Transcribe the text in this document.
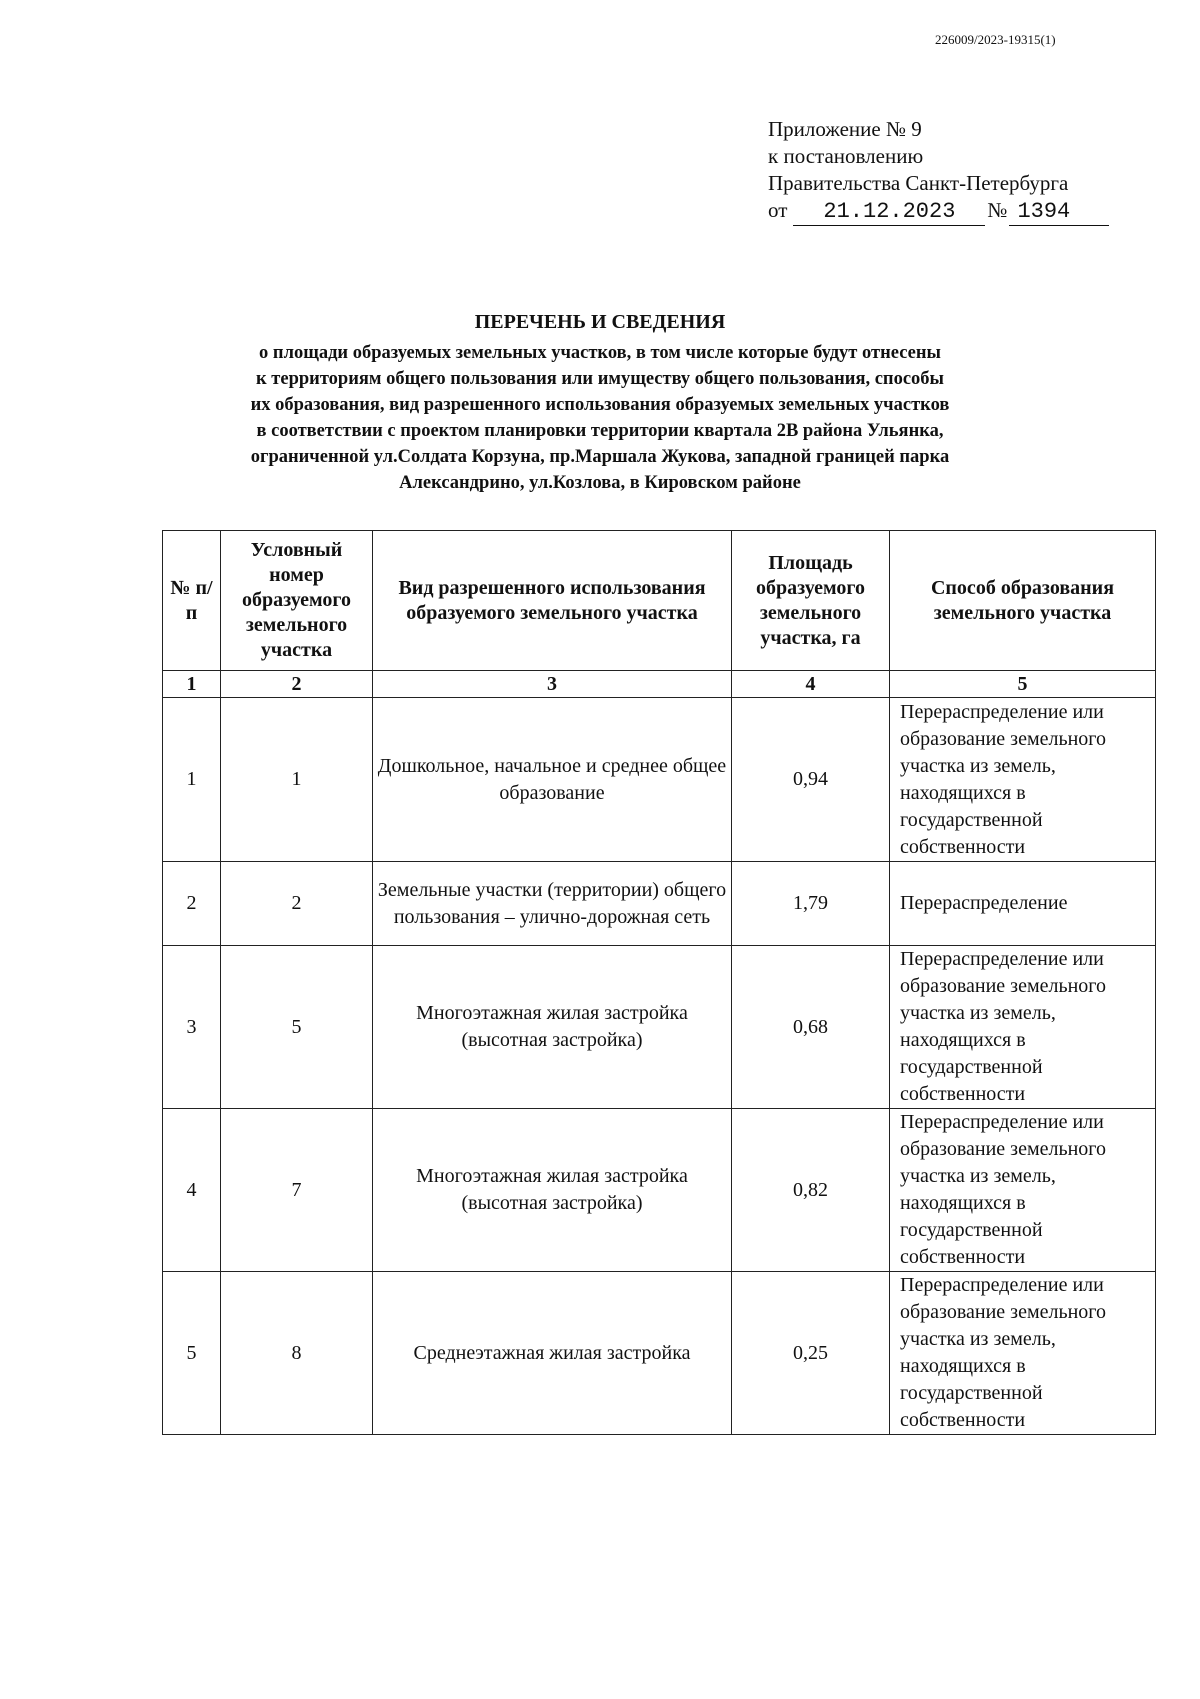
226009/2023-19315(1)
Приложение № 9
к постановлению
Правительства Санкт-Петербурга
от 21.12.2023 № 1394
ПЕРЕЧЕНЬ И СВЕДЕНИЯ
о площади образуемых земельных участков, в том числе которые будут отнесены
к территориям общего пользования или имуществу общего пользования, способы
их образования, вид разрешенного использования образуемых земельных участков
в соответствии с проектом планировки территории квартала 2В района Ульянка,
ограниченной ул.Солдата Корзуна, пр.Маршала Жукова, западной границей парка
Александрино, ул.Козлова, в Кировском районе
№ п/п	Условный номер образуемого земельного участка	Вид разрешенного использования образуемого земельного участка	Площадь образуемого земельного участка, га	Способ образования земельного участка
1	2	3	4	5
1	1	Дошкольное, начальное и среднее общее образование	0,94	Перераспределение или образование земельного участка из земель, находящихся в государственной собственности
2	2	Земельные участки (территории) общего пользования – улично-дорожная сеть	1,79	Перераспределение
3	5	Многоэтажная жилая застройка (высотная застройка)	0,68	Перераспределение или образование земельного участка из земель, находящихся в государственной собственности
4	7	Многоэтажная жилая застройка (высотная застройка)	0,82	Перераспределение или образование земельного участка из земель, находящихся в государственной собственности
5	8	Среднеэтажная жилая застройка	0,25	Перераспределение или образование земельного участка из земель, находящихся в государственной собственности
